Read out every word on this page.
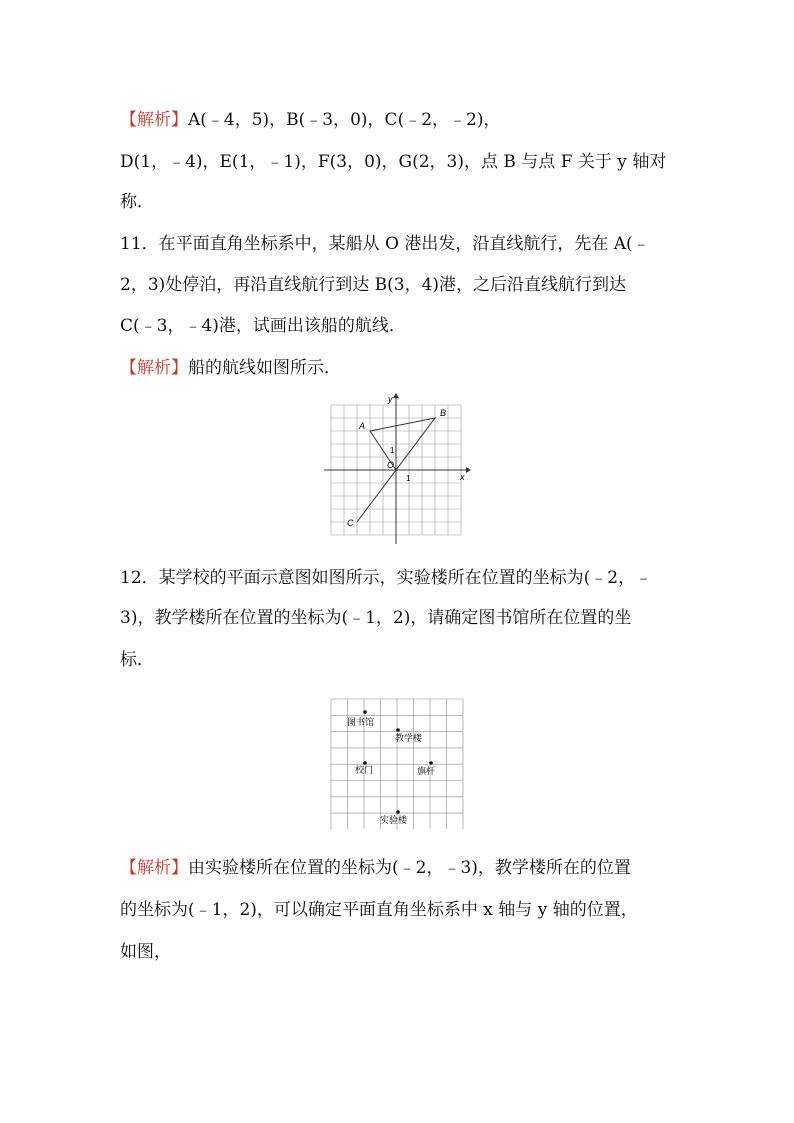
【解析】A(﹣4，5)，B(﹣3，0)，C(﹣2，﹣2)，
D(1，﹣4)，E(1，﹣1)，F(3，0)，G(2，3)，点 B 与点 F 关于 y 轴对
称．
11．在平面直角坐标系中，某船从 O 港出发，沿直线航行，先在 A(﹣
2，3)处停泊，再沿直线航行到达 B(3，4)港，之后沿直线航行到达
C(﹣3，﹣4)港，试画出该船的航线．
【解析】船的航线如图所示．
A
B
C
x
y
O
1
1
12．某学校的平面示意图如图所示，实验楼所在位置的坐标为(﹣2，﹣
3)，教学楼所在位置的坐标为(﹣1，2)，请确定图书馆所在位置的坐
标．
图书馆
教学楼
校门	旗杆
实验楼
【解析】由实验楼所在位置的坐标为(﹣2，﹣3)，教学楼所在的位置
的坐标为(﹣1，2)，可以确定平面直角坐标系中 x 轴与 y 轴的位置，
如图，
